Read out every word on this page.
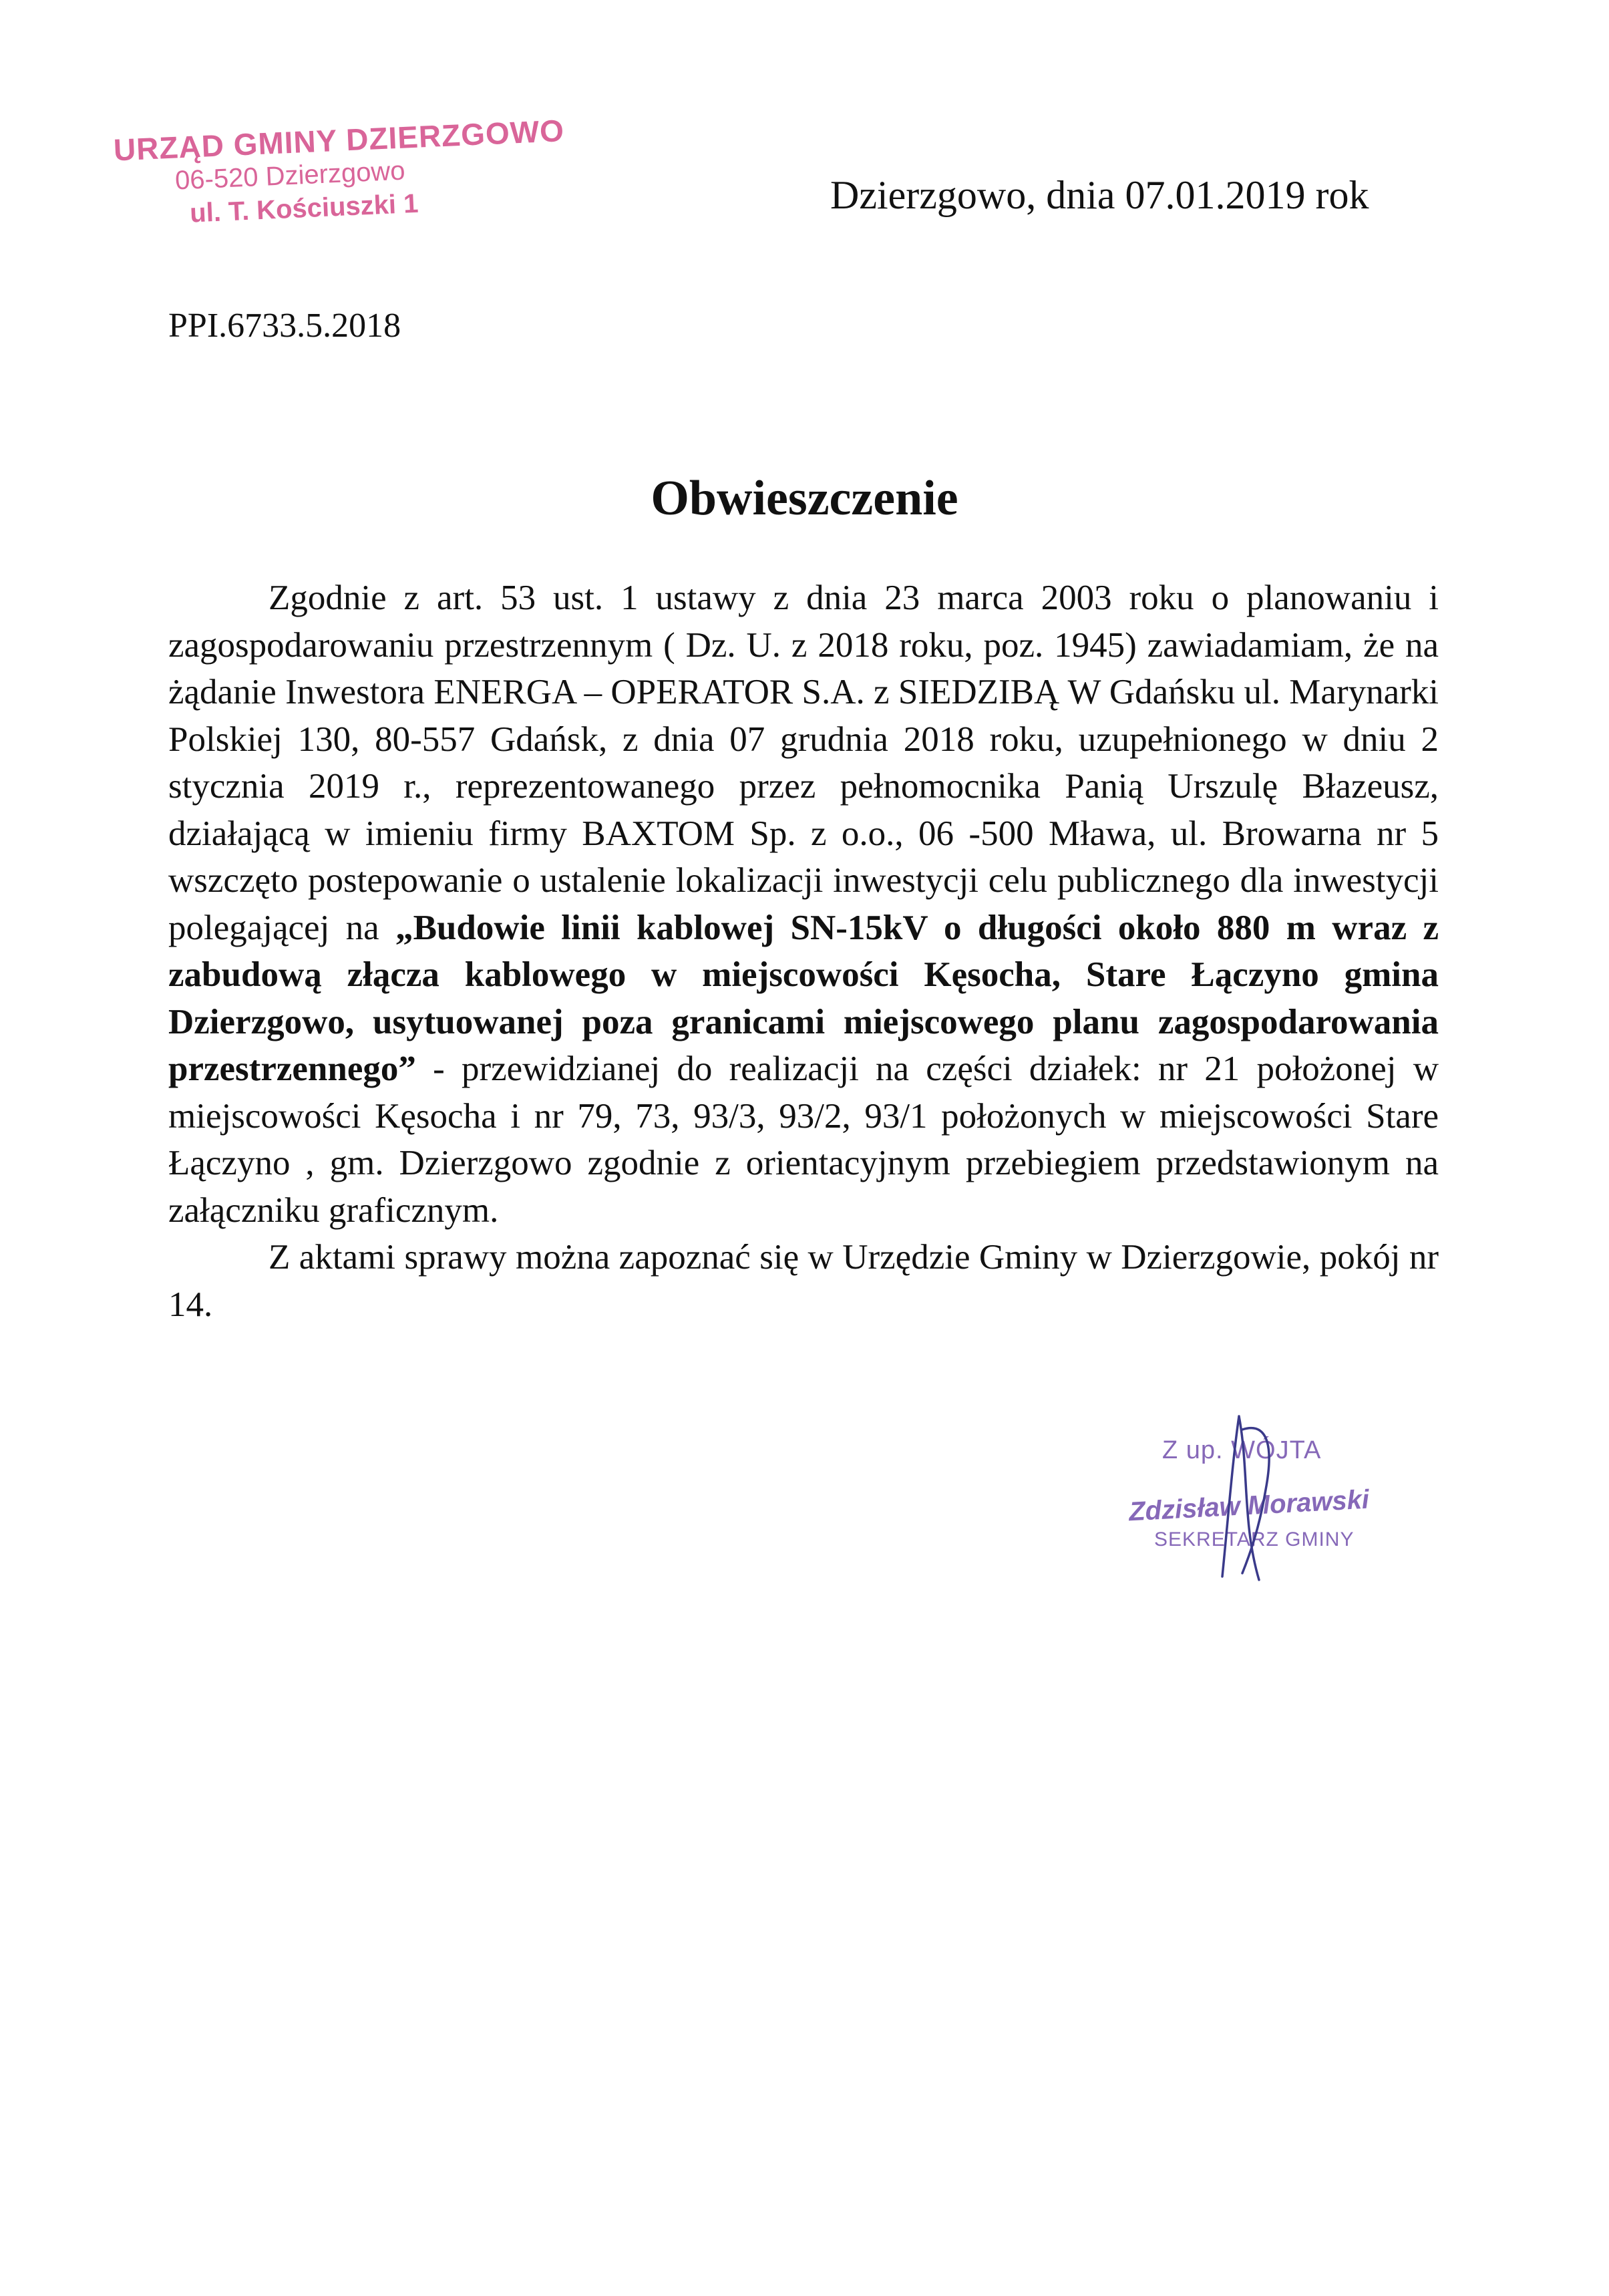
URZĄD GMINY DZIERZGOWO
06-520 Dzierzgowo
ul. T. Kościuszki 1	Dzierzgowo, dnia 07.01.2019 rok
PPI.6733.5.2018
Obwieszczenie

Zgodnie z art. 53 ust. 1 ustawy z dnia 23 marca 2003 roku o planowaniu i zagospodarowaniu przestrzennym ( Dz. U. z 2018 roku, poz. 1945) zawiadamiam, że na żądanie Inwestora ENERGA – OPERATOR S.A. z SIEDZIBĄ W Gdańsku ul. Marynarki Polskiej 130, 80-557 Gdańsk, z dnia 07 grudnia 2018 roku, uzupełnionego w dniu 2 stycznia 2019 r., reprezentowanego przez pełnomocnika Panią Urszulę Błazeusz, działającą w imieniu firmy BAXTOM Sp. z o.o., 06 -500 Mława, ul. Browarna nr 5 wszczęto postepowanie o ustalenie lokalizacji inwestycji celu publicznego dla inwestycji polegającej na „Budowie linii kablowej SN-15kV o długości około 880 m wraz z zabudową złącza kablowego w miejscowości Kęsocha, Stare Łączyno gmina Dzierzgowo, usytuowanej poza granicami miejscowego planu zagospodarowania przestrzennego” - przewidzianej do realizacji na części działek: nr 21 położonej w miejscowości Kęsocha i nr 79, 73, 93/3, 93/2, 93/1 położonych w miejscowości Stare Łączyno , gm. Dzierzgowo zgodnie z orientacyjnym przebiegiem przedstawionym na załączniku graficznym.

Z aktami sprawy można zapoznać się w Urzędzie Gminy w Dzierzgowie, pokój nr 14.

Z up. WÓJTA
Zdzisław Morawski
SEKRETARZ GMINY
